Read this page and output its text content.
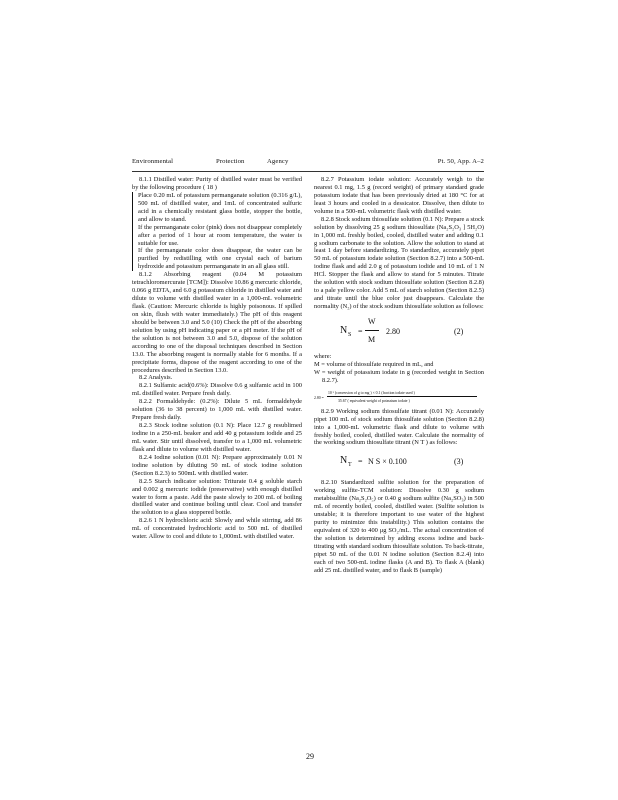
Environmental	Protection	Agency	Pt. 50, App. A–2

8.1.1 Distilled water: Purity of distilled water must be verified by the following procedure ( 18 )

Place 0.20 mL of potassium permanganate solution (0.316 g/L), 500 mL of distilled water, and 1mL of concentrated sulfuric acid in a chemically resistant glass bottle, stopper the bottle, and allow to stand.

If the permanganate color (pink) does not disappear completely after a period of 1 hour at room temperature, the water is suitable for use.

If the permanganate color does disappear, the water can be purified by redistilling with one crystal each of barium hydroxide and potassium permanganate in an all glass still.

8.1.2 Absorbing reagent (0.04 M potassium tetrachloromercurate [TCM]): Dissolve 10.86 g mercuric chloride, 0.066 g EDTA, and 6.0 g potassium chloride in distilled water and dilute to volume with distilled water in a 1,000-mL volumetric flask. (Caution: Mercuric chloride is highly poisonous. If spilled on skin, flush with water immediately.) The pH of this reagent should be between 3.0 and 5.0 (10) Check the pH of the absorbing solution by using pH indicating paper or a pH meter. If the pH of the solution is not between 3.0 and 5.0, dispose of the solution according to one of the disposal techniques described in Section 13.0. The absorbing reagent is normally stable for 6 months. If a precipitate forms, dispose of the reagent according to one of the procedures described in Section 13.0.

8.2 Analysis.

8.2.1 Sulfamic acid(0.6%): Dissolve 0.6 g sulfamic acid in 100 mL distilled water. Perpare fresh daily.

8.2.2 Formaldehyde: (0.2%): Dilute 5 mL formaldehyde solution (36 to 38 percent) to 1,000 mL with distilled water. Prepare fresh daily.

8.2.3 Stock iodine solution (0.1 N): Place 12.7 g resublimed iodine in a 250-mL beaker and add 40 g potassium iodide and 25 mL water. Stir until dissolved, transfer to a 1,000 mL volumetric flask and dilute to volume with distilled water.

8.2.4 Iodine solution (0.01 N): Prepare approximately 0.01 N iodine solution by diluting 50 mL of stock iodine solution (Section 8.2.3) to 500mL with distilled water.

8.2.5 Starch indicator solution: Triturate 0.4 g soluble starch and 0.002 g mercuric iodide (preservative) with enough distilled water to form a paste. Add the paste slowly to 200 mL of boiling distilled water and continue boiling until clear. Cool and transfer the solution to a glass stoppered bottle.

8.2.6 1 N hydrochloric acid: Slowly and while stirring, add 86 mL of concentrated hydrochloric acid to 500 mL of distilled water. Allow to cool and dilute to 1,000mL with distilled water.

8.2.7 Potassium iodate solution: Accurately weigh to the nearest 0.1 mg, 1.5 g (record weight) of primary standard grade potassium iodate that has been previously dried at 180 °C for at least 3 hours and cooled in a dessicator. Dissolve, then dilute to volume in a 500-mL volumetric flask with distilled water.

8.2.8 Stock sodium thiosulfate solution (0.1 N): Prepare a stock solution by dissolving 25 g sodium thiosulfate (Na₂S₂O₃ ] 5H₂O) in 1,000 mL freshly boiled, cooled, distilled water and adding 0.1 g sodium carbonate to the solution. Allow the solution to stand at least 1 day before standardizing. To standardize, accurately pipet 50 mL of potassium iodate solution (Section 8.2.7) into a 500-mL iodine flask and add 2.0 g of potassium iodide and 10 mL of 1 N HCl. Stopper the flask and allow to stand for 5 minutes. Titrate the solution with stock sodium thiosulfate solution (Section 8.2.8) to a pale yellow color. Add 5 mL of starch solution (Section 8.2.5) and titrate until the blue color just disappears. Calculate the normality (N₂) of the stock sodium thiosulfate solution as follows:

N S =
W
M
2.80	(2)

where:

M = volume of thiosulfate required in mL, and

W = weight of potassium iodate in g (recorded weight in Section 8.2.7).

2.80 =
10 ³ (conversion of g to mg ) × 0.1 (fraction iodate used )
35.67 ( equivalent weight of potassium iodate )

8.2.9 Working sodium thiosulfate titrant (0.01 N): Accurately pipet 100 mL of stock sodium thiosulfate solution (Section 8.2.8) into a 1,000-mL volumetric flask and dilute to volume with freshly boiled, cooled, distilled water. Calculate the normality of the working sodium thiosulfate titrant (N T ) as follows:

N T = N S × 0.100	(3)

8.2.10 Standardized sulfite solution for the preparation of working sulfite-TCM solution: Dissolve 0.30 g sodium metabisulfite (Na₂S₂O₅) or 0.40 g sodium sulfite (Na₂SO₃) in 500 mL of recently boiled, cooled, distilled water. (Sulfite solution is unstable; it is therefore important to use water of the highest purity to minimize this instability.) This solution contains the equivalent of 320 to 400 μg SO₂/mL. The actual concentration of the solution is determined by adding excess iodine and back-titrating with standard sodium thiosulfate solution. To back-titrate, pipet 50 mL of the 0.01 N iodine solution (Section 8.2.4) into each of two 500-mL iodine flasks (A and B). To flask A (blank) add 25 mL distilled water, and to flask B (sample)

29
